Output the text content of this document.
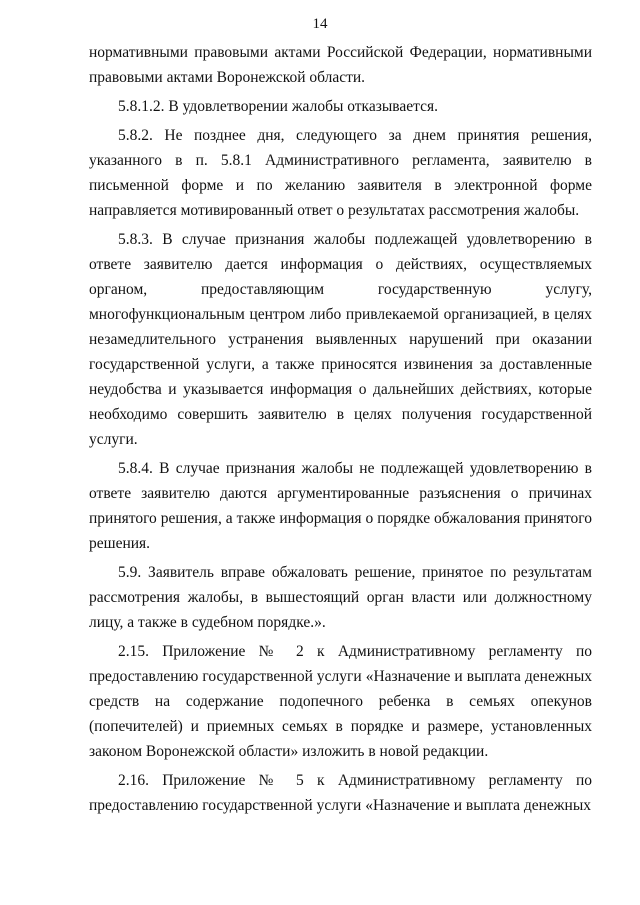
14

нормативными правовыми актами Российской Федерации, нормативными правовыми актами Воронежской области.

5.8.1.2. В удовлетворении жалобы отказывается.

5.8.2. Не позднее дня, следующего за днем принятия решения, указанного в п. 5.8.1 Административного регламента, заявителю в письменной форме и по желанию заявителя в электронной форме направляется мотивированный ответ о результатах рассмотрения жалобы.

5.8.3. В случае признания жалобы подлежащей удовлетворению в ответе заявителю дается информация о действиях, осуществляемых органом, предоставляющим государственную услугу, многофункциональным центром либо привлекаемой организацией, в целях незамедлительного устранения выявленных нарушений при оказании государственной услуги, а также приносятся извинения за доставленные неудобства и указывается информация о дальнейших действиях, которые необходимо совершить заявителю в целях получения государственной услуги.

5.8.4. В случае признания жалобы не подлежащей удовлетворению в ответе заявителю даются аргументированные разъяснения о причинах принятого решения, а также информация о порядке обжалования принятого решения.

5.9. Заявитель вправе обжаловать решение, принятое по результатам рассмотрения жалобы, в вышестоящий орган власти или должностному лицу, а также в судебном порядке.».

2.15. Приложение № 2 к Административному регламенту по предоставлению государственной услуги «Назначение и выплата денежных средств на содержание подопечного ребенка в семьях опекунов (попечителей) и приемных семьях в порядке и размере, установленных законом Воронежской области» изложить в новой редакции.

2.16. Приложение № 5 к Административному регламенту по предоставлению государственной услуги «Назначение и выплата денежных
